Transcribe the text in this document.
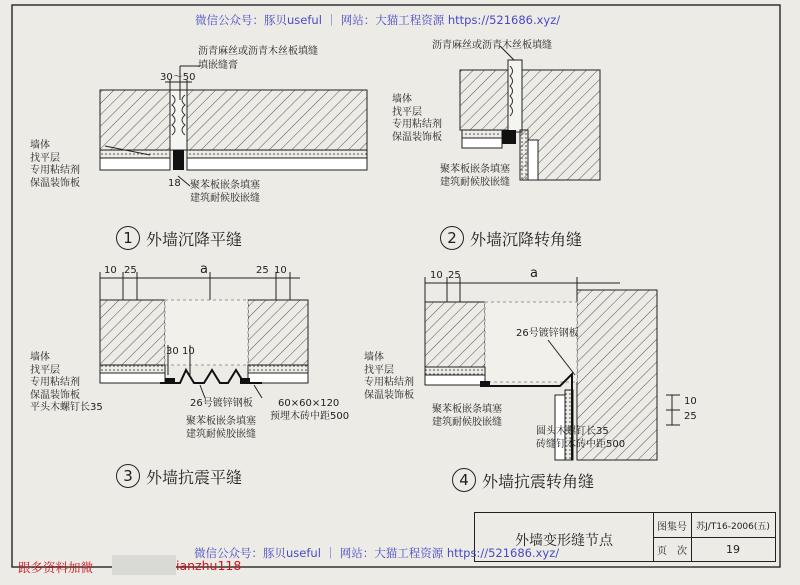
微信公众号：豚贝useful ｜ 网站：大猫工程资源 https://521686.xyz/
30～50
沥青麻丝或沥青木丝板填缝
填嵌缝膏
墙体
找平层
专用粘结剂
保温装饰板	18 聚苯板嵌条填塞
建筑耐候胶嵌缝
1 外墙沉降平缝
沥青麻丝或沥青木丝板填缝
墙体
找平层
专用粘结剂
保温装饰板
聚苯板嵌条填塞
建筑耐候胶嵌缝
2 外墙沉降转角缝
10 25	a	25 10
30 10
墙体
找平层
专用粘结剂
保温装饰板
平头木螺钉长35	26号镀锌钢板	60×60×120
预埋木砖中距500
聚苯板嵌条填塞
建筑耐候胶嵌缝
3 外墙抗震平缝
10 25	a
26号镀锌钢板
墙体
找平层
专用粘结剂
保温装饰板
聚苯板嵌条填塞
建筑耐候胶嵌缝
圆头木螺钉长35
砖缝钉木砖中距500
10
25
4 外墙抗震转角缝
外墙变形缝节点
图集号	苏J/T16-2006(五)
页　次	19
跟多资料加微	ianzhu118
微信公众号：豚贝useful ｜ 网站：大猫工程资源 https://521686.xyz/
